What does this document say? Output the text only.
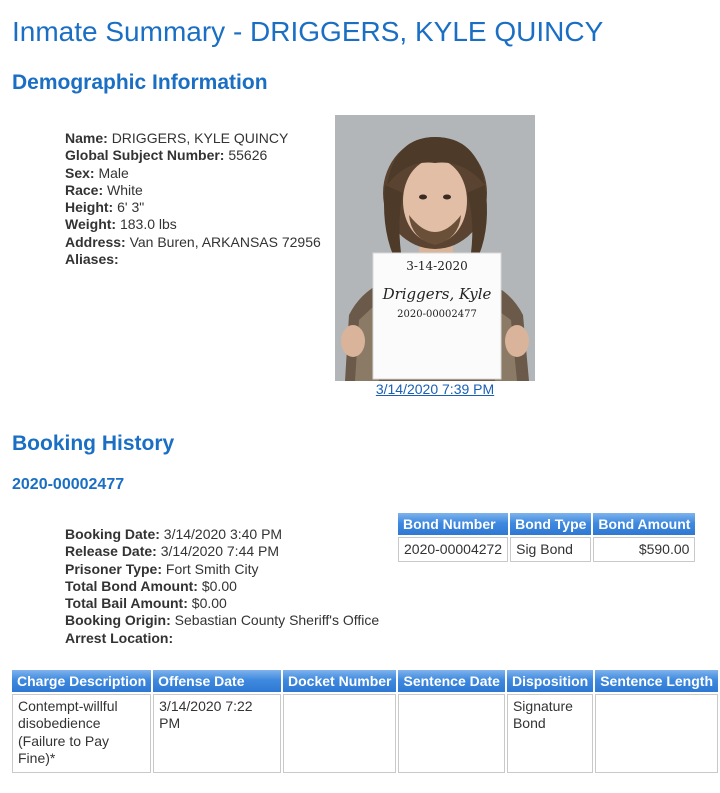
Inmate Summary - DRIGGERS, KYLE QUINCY
Demographic Information
Name: DRIGGERS, KYLE QUINCY
Global Subject Number: 55626
Sex: Male
Race: White
Height: 6' 3"
Weight: 183.0 lbs
Address: Van Buren, ARKANSAS 72956
Aliases:	3-14-2020
Driggers, Kyle
2020-00002477
3/14/2020 7:39 PM
Booking History
2020-00002477
Booking Date: 3/14/2020 3:40 PM
Release Date: 3/14/2020 7:44 PM
Prisoner Type: Fort Smith City
Total Bond Amount: $0.00
Total Bail Amount: $0.00
Booking Origin: Sebastian County Sheriff's Office
Arrest Location:
Bond Number	Bond Type	Bond Amount
2020-00004272	Sig Bond	$590.00
Charge Description	Offense Date	Docket Number	Sentence Date	Disposition	Sentence Length
Contempt-willful disobedience (Failure to Pay Fine)*	3/14/2020 7:22 PM			Signature Bond	
